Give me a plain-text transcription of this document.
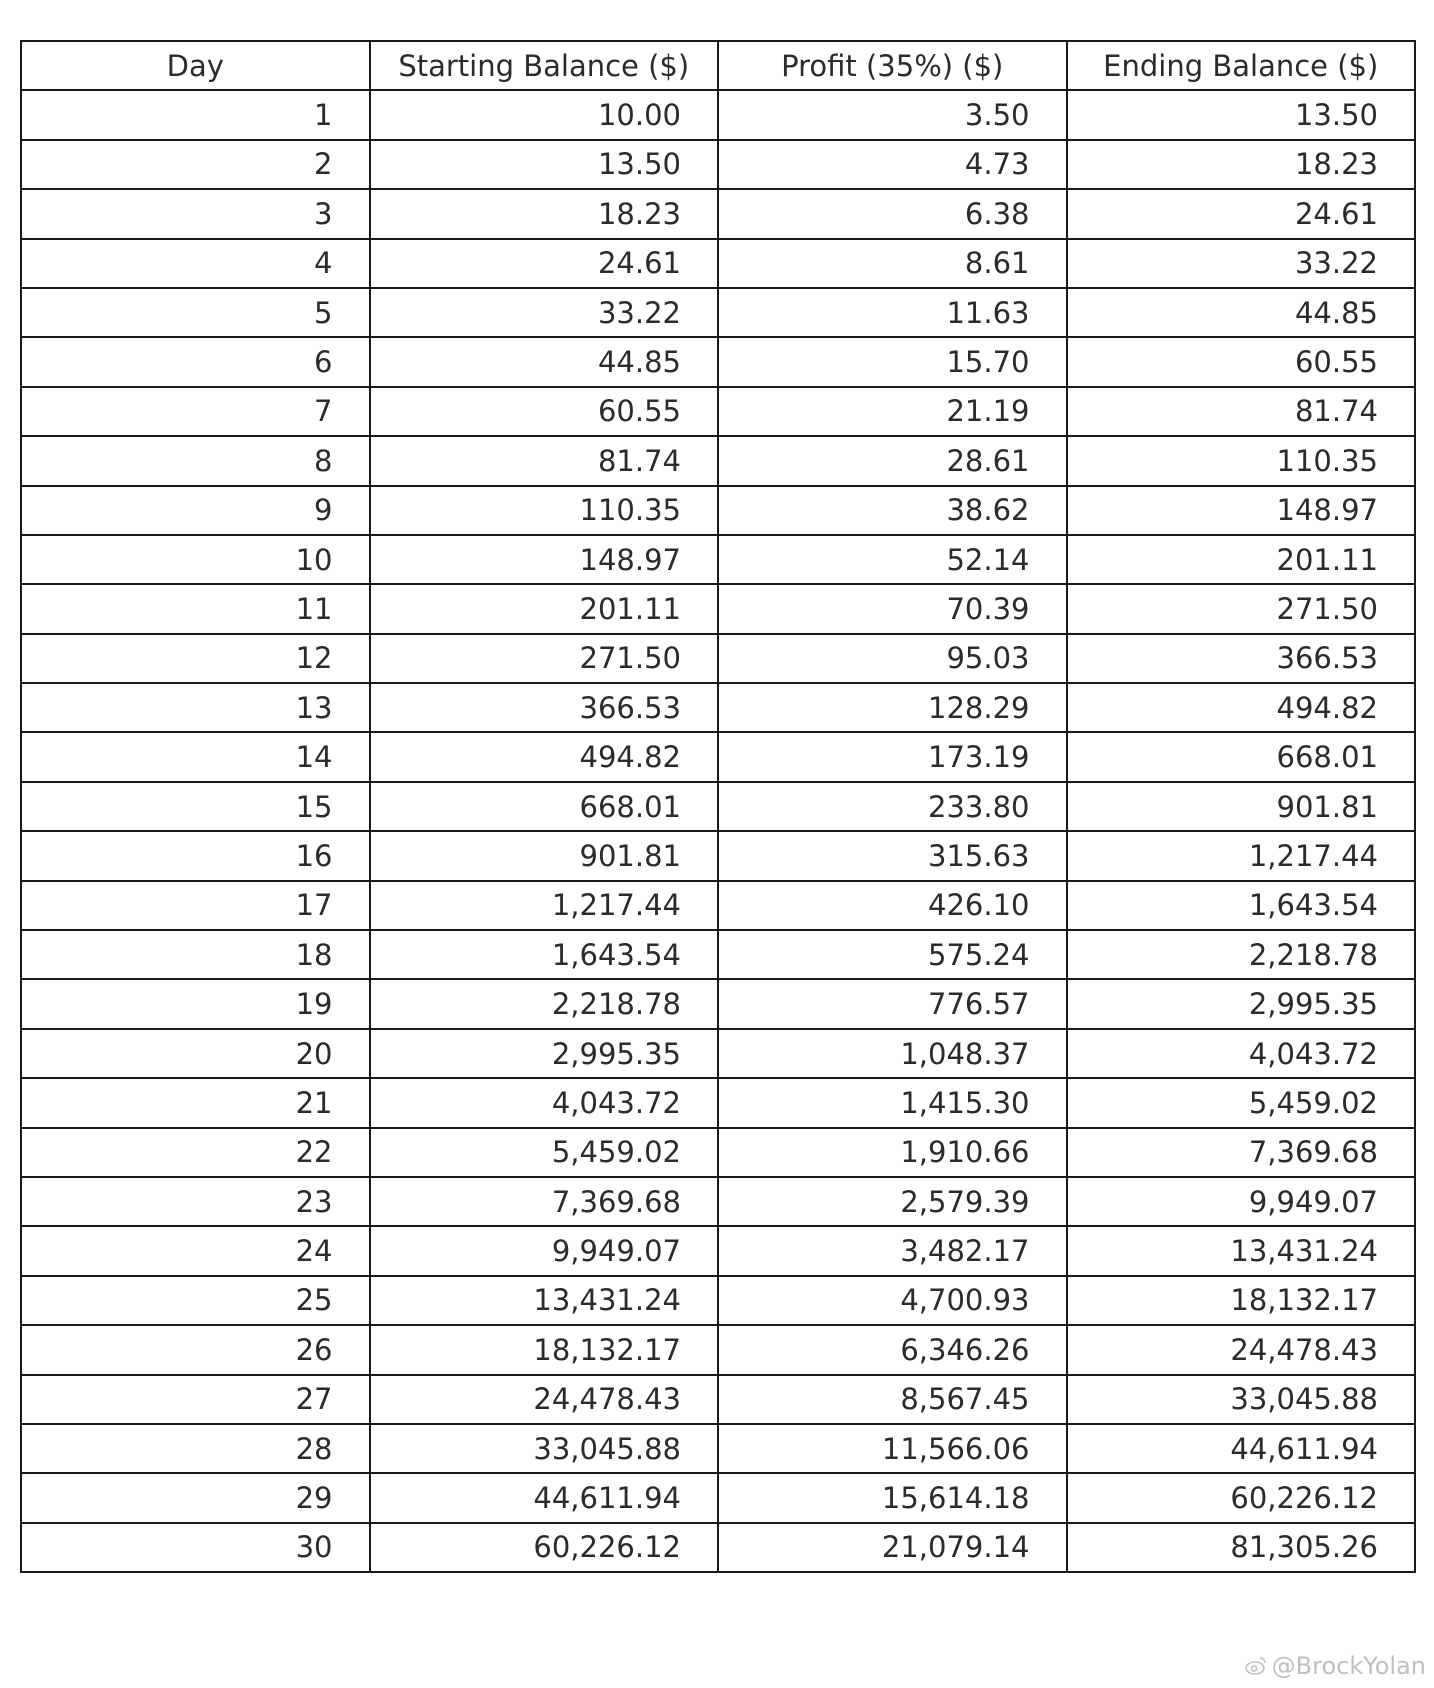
Day	Starting Balance ($)	Profit (35%) ($)	Ending Balance ($)
1	10.00	3.50	13.50
2	13.50	4.73	18.23
3	18.23	6.38	24.61
4	24.61	8.61	33.22
5	33.22	11.63	44.85
6	44.85	15.70	60.55
7	60.55	21.19	81.74
8	81.74	28.61	110.35
9	110.35	38.62	148.97
10	148.97	52.14	201.11
11	201.11	70.39	271.50
12	271.50	95.03	366.53
13	366.53	128.29	494.82
14	494.82	173.19	668.01
15	668.01	233.80	901.81
16	901.81	315.63	1,217.44
17	1,217.44	426.10	1,643.54
18	1,643.54	575.24	2,218.78
19	2,218.78	776.57	2,995.35
20	2,995.35	1,048.37	4,043.72
21	4,043.72	1,415.30	5,459.02
22	5,459.02	1,910.66	7,369.68
23	7,369.68	2,579.39	9,949.07
24	9,949.07	3,482.17	13,431.24
25	13,431.24	4,700.93	18,132.17
26	18,132.17	6,346.26	24,478.43
27	24,478.43	8,567.45	33,045.88
28	33,045.88	11,566.06	44,611.94
29	44,611.94	15,614.18	60,226.12
30	60,226.12	21,079.14	81,305.26
@BrockYolan
